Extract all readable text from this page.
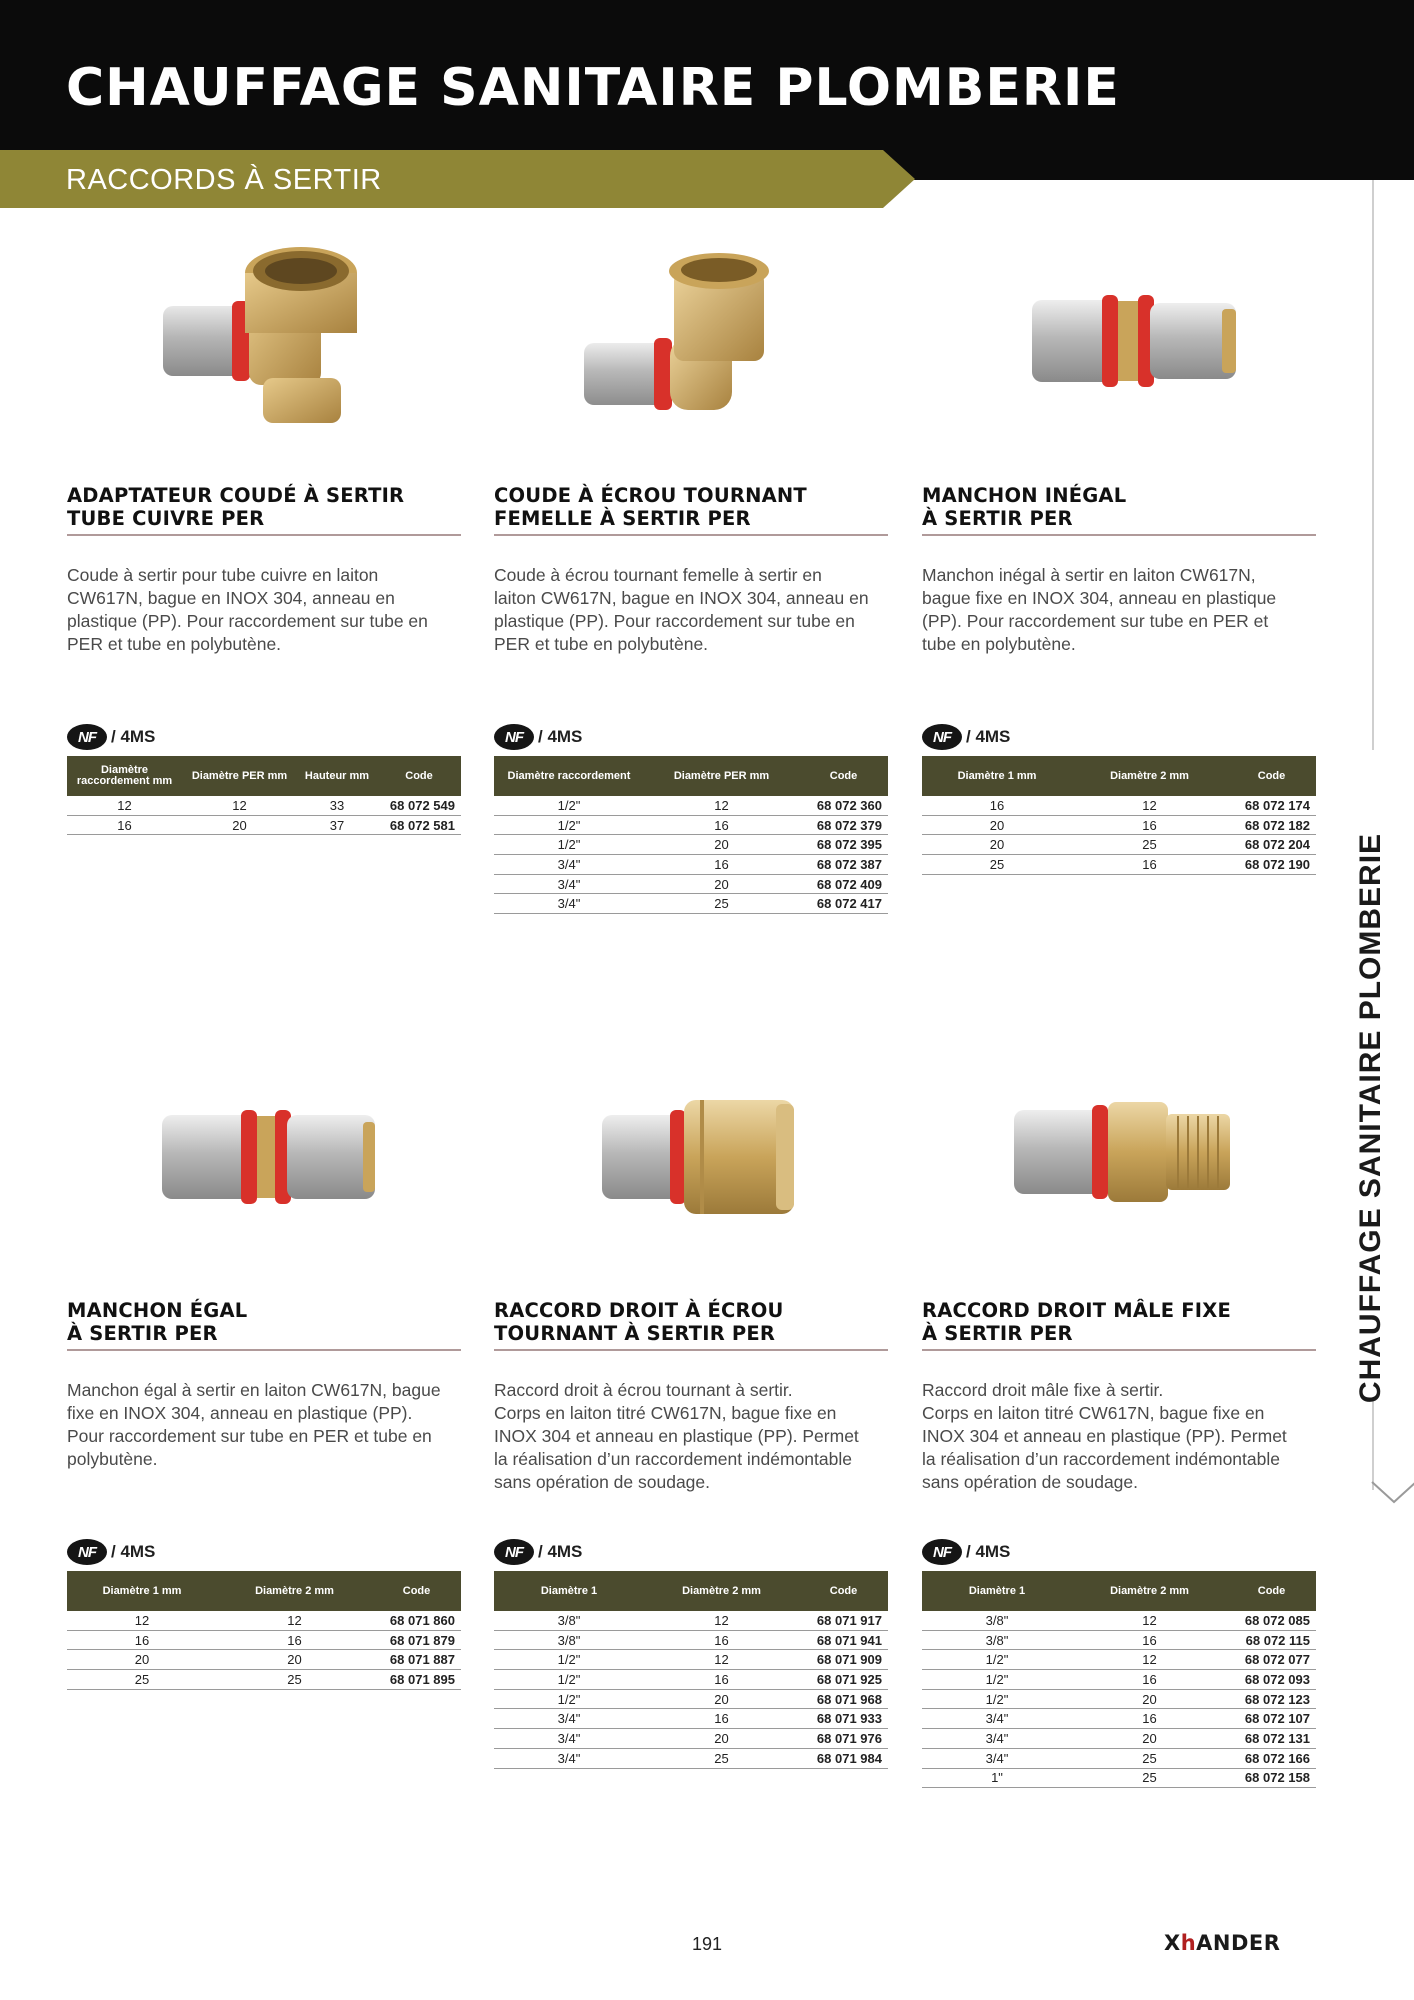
CHAUFFAGE SANITAIRE PLOMBERIE
RACCORDS À SERTIR
CHAUFFAGE SANITAIRE PLOMBERIE
ADAPTATEUR COUDÉ À SERTIR
TUBE CUIVRE PER

Coude à sertir pour tube cuivre en laiton
CW617N, bague en INOX 304, anneau en
plastique (PP). Pour raccordement sur tube en
PER et tube en polybutène.

NF / 4MS
Diamètre raccordement mm	Diamètre PER mm	Hauteur mm	Code
12	12	33	68 072 549
16	20	37	68 072 581
COUDE À ÉCROU TOURNANT
FEMELLE À SERTIR PER

Coude à écrou tournant femelle à sertir en
laiton CW617N, bague en INOX 304, anneau en
plastique (PP). Pour raccordement sur tube en
PER et tube en polybutène.

NF / 4MS
Diamètre raccordement	Diamètre PER mm	Code
1/2"	12	68 072 360
1/2"	16	68 072 379
1/2"	20	68 072 395
3/4"	16	68 072 387
3/4"	20	68 072 409
3/4"	25	68 072 417
MANCHON INÉGAL
À SERTIR PER

Manchon inégal à sertir en laiton CW617N,
bague fixe en INOX 304, anneau en plastique
(PP). Pour raccordement sur tube en PER et
tube en polybutène.

NF / 4MS
Diamètre 1 mm	Diamètre 2 mm	Code
16	12	68 072 174
20	16	68 072 182
20	25	68 072 204
25	16	68 072 190
MANCHON ÉGAL
À SERTIR PER

Manchon égal à sertir en laiton CW617N, bague
fixe en INOX 304, anneau en plastique (PP).
Pour raccordement sur tube en PER et tube en
polybutène.

NF / 4MS
Diamètre 1 mm	Diamètre 2 mm	Code
12	12	68 071 860
16	16	68 071 879
20	20	68 071 887
25	25	68 071 895
RACCORD DROIT À ÉCROU
TOURNANT À SERTIR PER

Raccord droit à écrou tournant à sertir.
Corps en laiton titré CW617N, bague fixe en
INOX 304 et anneau en plastique (PP). Permet
la réalisation d’un raccordement indémontable
sans opération de soudage.

NF / 4MS
Diamètre 1	Diamètre 2 mm	Code
3/8"	12	68 071 917
3/8"	16	68 071 941
1/2"	12	68 071 909
1/2"	16	68 071 925
1/2"	20	68 071 968
3/4"	16	68 071 933
3/4"	20	68 071 976
3/4"	25	68 071 984
RACCORD DROIT MÂLE FIXE
À SERTIR PER

Raccord droit mâle fixe à sertir.
Corps en laiton titré CW617N, bague fixe en
INOX 304 et anneau en plastique (PP). Permet
la réalisation d’un raccordement indémontable
sans opération de soudage.

NF / 4MS
Diamètre 1	Diamètre 2 mm	Code
3/8"	12	68 072 085
3/8"	16	68 072 115
1/2"	12	68 072 077
1/2"	16	68 072 093
1/2"	20	68 072 123
3/4"	16	68 072 107
3/4"	20	68 072 131
3/4"	25	68 072 166
1"	25	68 072 158
191	XhANDER
